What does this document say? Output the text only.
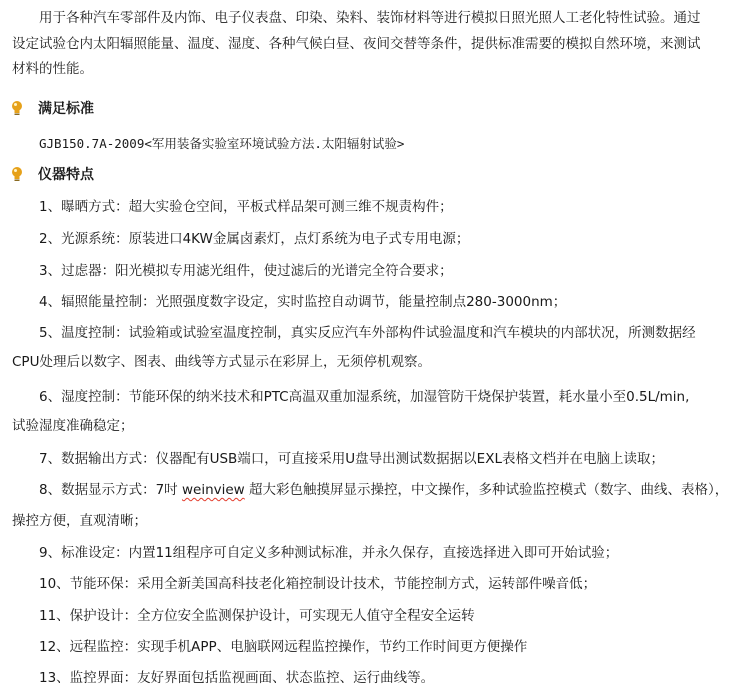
用于各种汽车零部件及内饰、电子仪表盘、印染、染料、装饰材料等进行模拟日照光照人工老化特性试验。通过
设定试验仓内太阳辐照能量、温度、湿度、各种气候白昼、夜间交替等条件，提供标准需要的模拟自然环境，来测试
材料的性能。
满足标准
GJB150.7A-2009<军用装备实验室环境试验方法.太阳辐射试验>
仪器特点
1、曝晒方式：超大实验仓空间，平板式样品架可测三维不规责构件；
2、光源系统：原装进口4KW金属卤素灯，点灯系统为电子式专用电源；
3、过虑器：阳光模拟专用滤光组件，使过滤后的光谱完全符合要求；
4、辐照能量控制：光照强度数字设定，实时监控自动调节，能量控制点280-3000nm；
5、温度控制：试验箱或试验室温度控制，真实反应汽车外部构件试验温度和汽车模块的内部状况，所测数据经
CPU处理后以数字、图表、曲线等方式显示在彩屏上，无须停机观察。
6、湿度控制：节能环保的纳米技术和PTC高温双重加湿系统，加湿管防干烧保护装置，耗水量小至0.5L/min,
试验湿度准确稳定；
7、数据输出方式：仪器配有USB端口，可直接采用U盘导出测试数据据以EXL表格文档并在电脑上读取；
8、数据显示方式：7吋 weinview 超大彩色触摸屏显示操控，中文操作，多种试验监控模式（数字、曲线、表格），
操控方便，直观清晰；
9、标准设定：内置11组程序可自定义多种测试标准，并永久保存，直接选择进入即可开始试验；
10、节能环保：采用全新美国高科技老化箱控制设计技术，节能控制方式，运转部件噪音低；
11、保护设计：全方位安全监测保护设计，可实现无人值守全程安全运转
12、远程监控：实现手机APP、电脑联网远程监控操作，节约工作时间更方便操作
13、监控界面：友好界面包括监视画面、状态监控、运行曲线等。
